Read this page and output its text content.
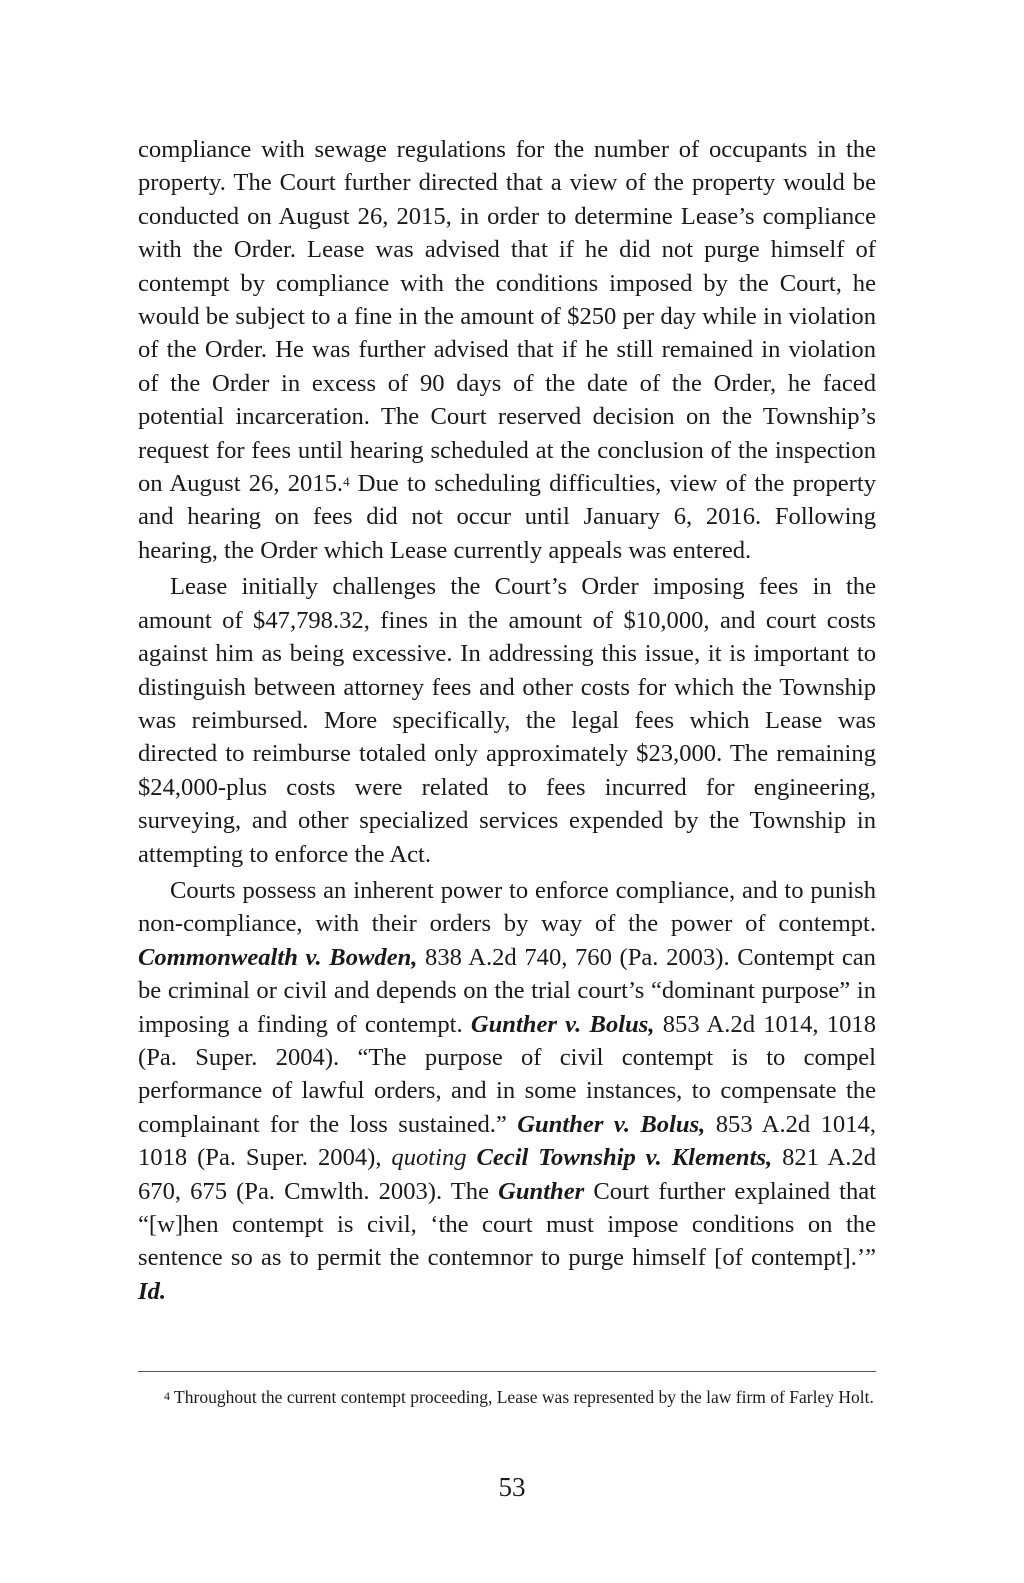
compliance with sewage regulations for the number of occupants in the property. The Court further directed that a view of the property would be conducted on August 26, 2015, in order to determine Lease’s compliance with the Order. Lease was advised that if he did not purge himself of contempt by compliance with the conditions imposed by the Court, he would be subject to a fine in the amount of $250 per day while in violation of the Order. He was further advised that if he still remained in violation of the Order in excess of 90 days of the date of the Order, he faced potential incarceration. The Court reserved decision on the Township’s request for fees until hearing scheduled at the conclusion of the inspection on August 26, 2015.$^4$ Due to scheduling difficulties, view of the property and hearing on fees did not occur until January 6, 2016. Following hearing, the Order which Lease currently appeals was entered.

Lease initially challenges the Court’s Order imposing fees in the amount of $47,798.32, fines in the amount of $10,000, and court costs against him as being excessive. In addressing this issue, it is important to distinguish between attorney fees and other costs for which the Township was reimbursed. More specifically, the legal fees which Lease was directed to reimburse totaled only approximately $23,000. The remaining $24,000-plus costs were related to fees incurred for engineering, surveying, and other specialized services expended by the Township in attempting to enforce the Act.

Courts possess an inherent power to enforce compliance, and to punish non-compliance, with their orders by way of the power of contempt. Commonwealth v. Bowden, 838 A.2d 740, 760 (Pa. 2003). Contempt can be criminal or civil and depends on the trial court’s “dominant purpose” in imposing a finding of contempt. Gunther v. Bolus, 853 A.2d 1014, 1018 (Pa. Super. 2004). “The purpose of civil contempt is to compel performance of lawful orders, and in some instances, to compensate the complainant for the loss sustained.” Gunther v. Bolus, 853 A.2d 1014, 1018 (Pa. Super. 2004), quoting Cecil Township v. Klements, 821 A.2d 670, 675 (Pa. Cmwlth. 2003). The Gunther Court further explained that “[w]hen contempt is civil, ‘the court must impose conditions on the sentence so as to permit the contemnor to purge himself [of contempt].’” Id.

$^4$ Throughout the current contempt proceeding, Lease was represented by the law firm of Farley Holt.
53
